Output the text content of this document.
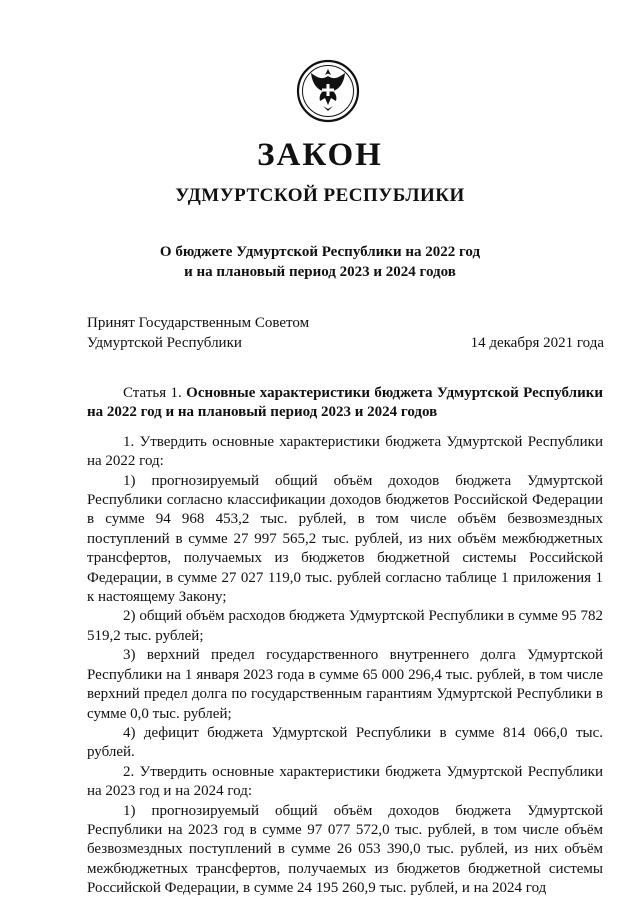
ЗАКОН
УДМУРТСКОЙ РЕСПУБЛИКИ
О бюджете Удмуртской Республики на 2022 год
и на плановый период 2023 и 2024 годов
Принят Государственным Советом
Удмуртской Республики	14 декабря 2021 года

Статья 1. Основные характеристики бюджета Удмуртской Республики на 2022 год и на плановый период 2023 и 2024 годов

1. Утвердить основные характеристики бюджета Удмуртской Республики на 2022 год:

1) прогнозируемый общий объём доходов бюджета Удмуртской Республики согласно классификации доходов бюджетов Российской Федерации в сумме 94 968 453,2 тыс. рублей, в том числе объём безвозмездных поступлений в сумме 27 997 565,2 тыс. рублей, из них объём межбюджетных трансфертов, получаемых из бюджетов бюджетной системы Российской Федерации, в сумме 27 027 119,0 тыс. рублей согласно таблице 1 приложения 1 к настоящему Закону;

2) общий объём расходов бюджета Удмуртской Республики в сумме 95 782 519,2 тыс. рублей;

3) верхний предел государственного внутреннего долга Удмуртской Республики на 1 января 2023 года в сумме 65 000 296,4 тыс. рублей, в том числе верхний предел долга по государственным гарантиям Удмуртской Республики в сумме 0,0 тыс. рублей;

4) дефицит бюджета Удмуртской Республики в сумме 814 066,0 тыс. рублей.

2. Утвердить основные характеристики бюджета Удмуртской Республики на 2023 год и на 2024 год:

1) прогнозируемый общий объём доходов бюджета Удмуртской Республики на 2023 год в сумме 97 077 572,0 тыс. рублей, в том числе объём безвозмездных поступлений в сумме 26 053 390,0 тыс. рублей, из них объём межбюджетных трансфертов, получаемых из бюджетов бюджетной системы Российской Федерации, в сумме 24 195 260,9 тыс. рублей, и на 2024 год
